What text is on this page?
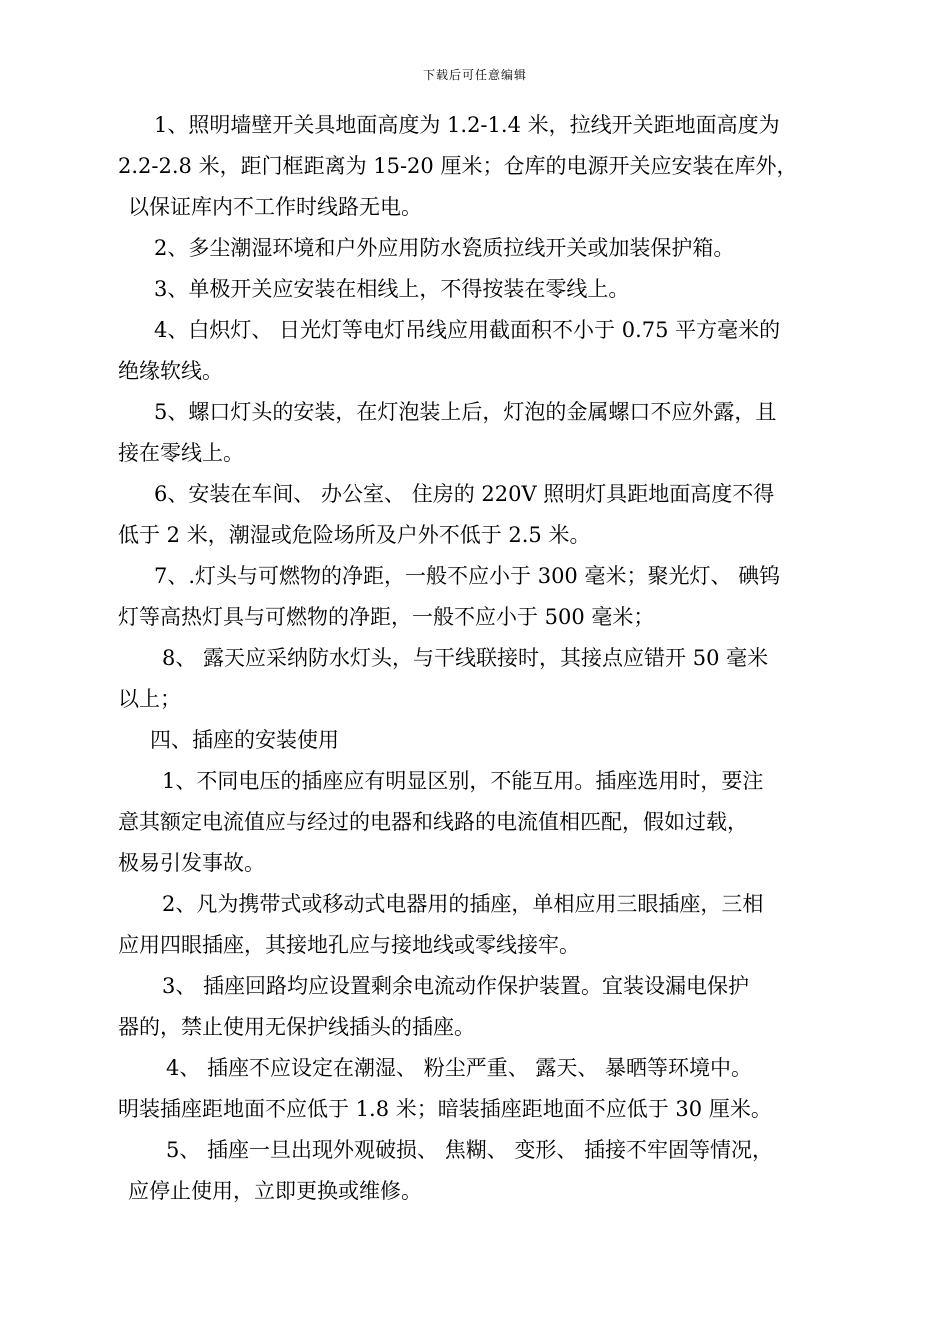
下载后可任意编辑
1、照明墙壁开关具地面高度为 1.2-1.4 米，拉线开关距地面高度为
2.2-2.8 米，距门框距离为 15-20 厘米；仓库的电源开关应安装在库外，
以保证库内不工作时线路无电。
2、多尘潮湿环境和户外应用防水瓷质拉线开关或加装保护箱。
3、单极开关应安装在相线上，不得按装在零线上。
4、白炽灯、 日光灯等电灯吊线应用截面积不小于 0.75 平方毫米的
绝缘软线。
5、螺口灯头的安装，在灯泡装上后，灯泡的金属螺口不应外露，且
接在零线上。
6、安装在车间、 办公室、 住房的 220V 照明灯具距地面高度不得
低于 2 米，潮湿或危险场所及户外不低于 2.5 米。
7、.灯头与可燃物的净距，一般不应小于 300 毫米；聚光灯、 碘钨
灯等高热灯具与可燃物的净距，一般不应小于 500 毫米；
8、 露天应采纳防水灯头，与干线联接时，其接点应错开 50 毫米
以上；
四、插座的安装使用
1、不同电压的插座应有明显区别，不能互用。插座选用时，要注
意其额定电流值应与经过的电器和线路的电流值相匹配，假如过载，
极易引发事故。
2、凡为携带式或移动式电器用的插座，单相应用三眼插座，三相
应用四眼插座，其接地孔应与接地线或零线接牢。
3、 插座回路均应设置剩余电流动作保护装置。宜装设漏电保护
器的，禁止使用无保护线插头的插座。
4、 插座不应设定在潮湿、 粉尘严重、 露天、 暴晒等环境中。
明装插座距地面不应低于 1.8 米；暗装插座距地面不应低于 30 厘米。
5、 插座一旦出现外观破损、 焦糊、 变形、 插接不牢固等情况，
应停止使用，立即更换或维修。
